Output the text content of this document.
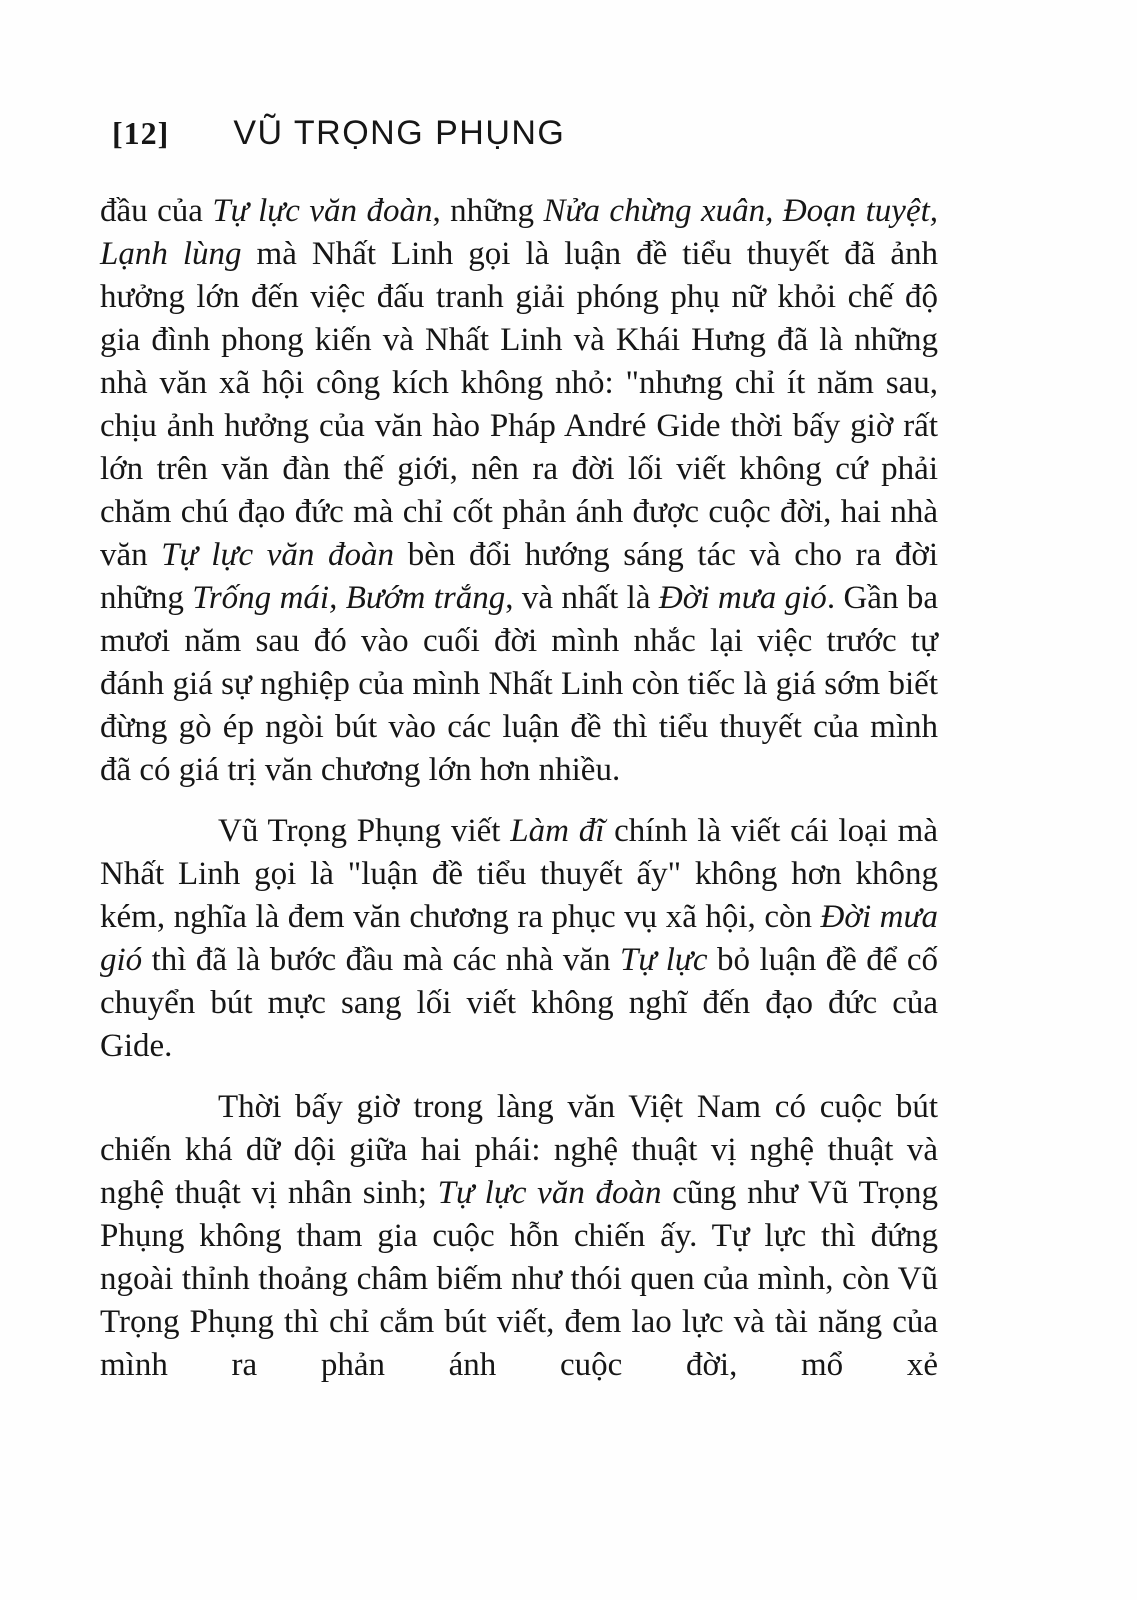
[12] VŨ TRỌNG PHỤNG

đầu của Tự lực văn đoàn, những Nửa chừng xuân, Đoạn tuyệt, Lạnh lùng mà Nhất Linh gọi là luận đề tiểu thuyết đã ảnh hưởng lớn đến việc đấu tranh giải phóng phụ nữ khỏi chế độ gia đình phong kiến và Nhất Linh và Khái Hưng đã là những nhà văn xã hội công kích không nhỏ: "nhưng chỉ ít năm sau, chịu ảnh hưởng của văn hào Pháp André Gide thời bấy giờ rất lớn trên văn đàn thế giới, nên ra đời lối viết không cứ phải chăm chú đạo đức mà chỉ cốt phản ánh được cuộc đời, hai nhà văn Tự lực văn đoàn bèn đổi hướng sáng tác và cho ra đời những Trống mái, Bướm trắng, và nhất là Đời mưa gió. Gần ba mươi năm sau đó vào cuối đời mình nhắc lại việc trước tự đánh giá sự nghiệp của mình Nhất Linh còn tiếc là giá sớm biết đừng gò ép ngòi bút vào các luận đề thì tiểu thuyết của mình đã có giá trị văn chương lớn hơn nhiều.

Vũ Trọng Phụng viết Làm đĩ chính là viết cái loại mà Nhất Linh gọi là "luận đề tiểu thuyết ấy" không hơn không kém, nghĩa là đem văn chương ra phục vụ xã hội, còn Đời mưa gió thì đã là bước đầu mà các nhà văn Tự lực bỏ luận đề để cố chuyển bút mực sang lối viết không nghĩ đến đạo đức của Gide.

Thời bấy giờ trong làng văn Việt Nam có cuộc bút chiến khá dữ dội giữa hai phái: nghệ thuật vị nghệ thuật và nghệ thuật vị nhân sinh; Tự lực văn đoàn cũng như Vũ Trọng Phụng không tham gia cuộc hỗn chiến ấy. Tự lực thì đứng ngoài thỉnh thoảng châm biếm như thói quen của mình, còn Vũ Trọng Phụng thì chỉ cắm bút viết, đem lao lực và tài năng của mình ra phản ánh cuộc đời, mổ xẻ
